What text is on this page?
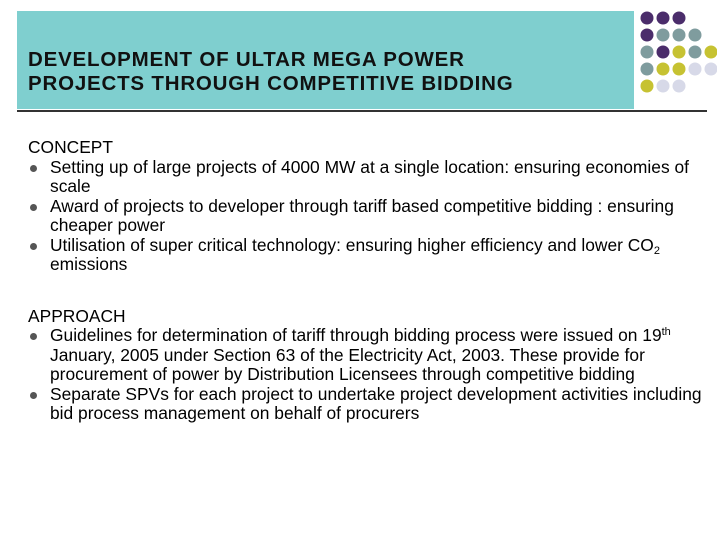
DEVELOPMENT OF ULTAR MEGA POWER
PROJECTS THROUGH COMPETITIVE BIDDING
CONCEPT
Setting up of large projects of 4000 MW at a single location: ensuring economies of scale
Award of projects to developer through tariff based competitive bidding : ensuring cheaper power
Utilisation of super critical technology: ensuring higher efficiency and lower $CO_2$ emissions
APPROACH
Guidelines for determination of tariff through bidding process were issued on 19th January, 2005 under Section 63 of the Electricity Act, 2003. These provide for procurement of power by Distribution Licensees through competitive bidding
Separate SPVs for each project to undertake project development activities including bid process management on behalf of procurers
